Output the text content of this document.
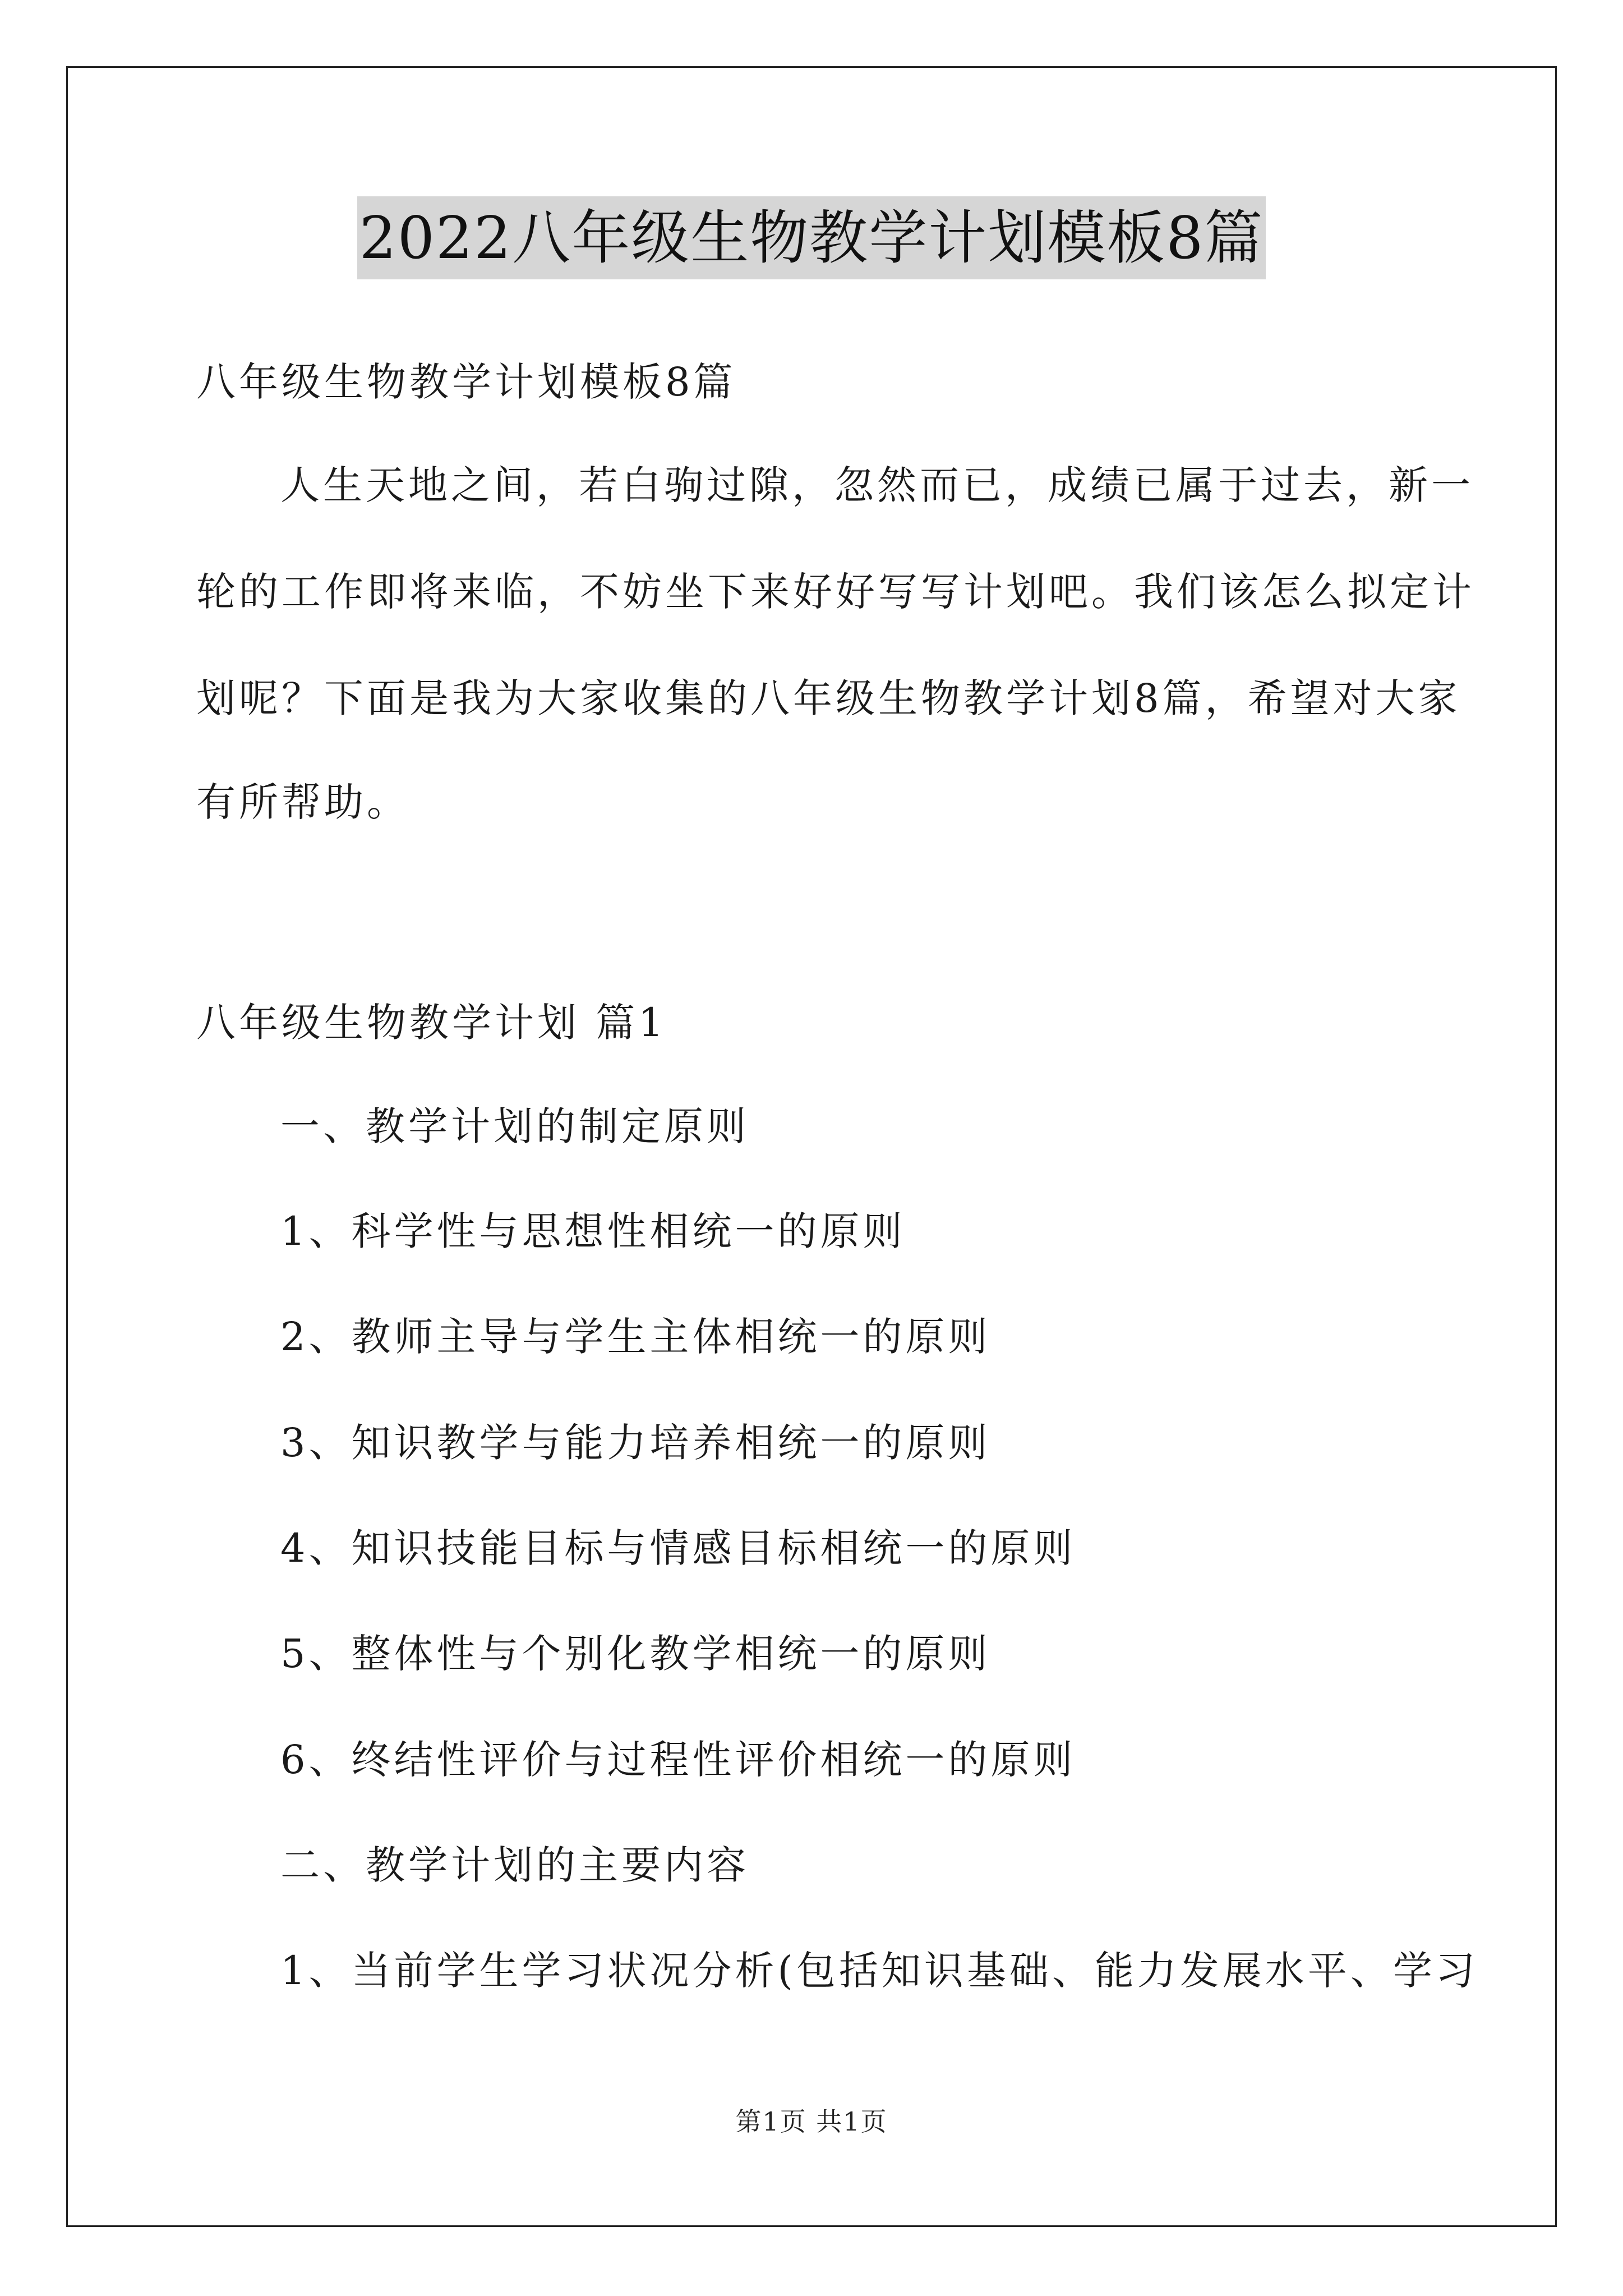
2022八年级生物教学计划模板8篇
八年级生物教学计划模板8篇
人生天地之间，若白驹过隙，忽然而已，成绩已属于过去，新一
轮的工作即将来临，不妨坐下来好好写写计划吧。我们该怎么拟定计
划呢？下面是我为大家收集的八年级生物教学计划8篇，希望对大家
有所帮助。
八年级生物教学计划 篇1
一、教学计划的制定原则
1、科学性与思想性相统一的原则
2、教师主导与学生主体相统一的原则
3、知识教学与能力培养相统一的原则
4、知识技能目标与情感目标相统一的原则
5、整体性与个别化教学相统一的原则
6、终结性评价与过程性评价相统一的原则
二、教学计划的主要内容
1、当前学生学习状况分析(包括知识基础、能力发展水平、学习
第1页 共1页
